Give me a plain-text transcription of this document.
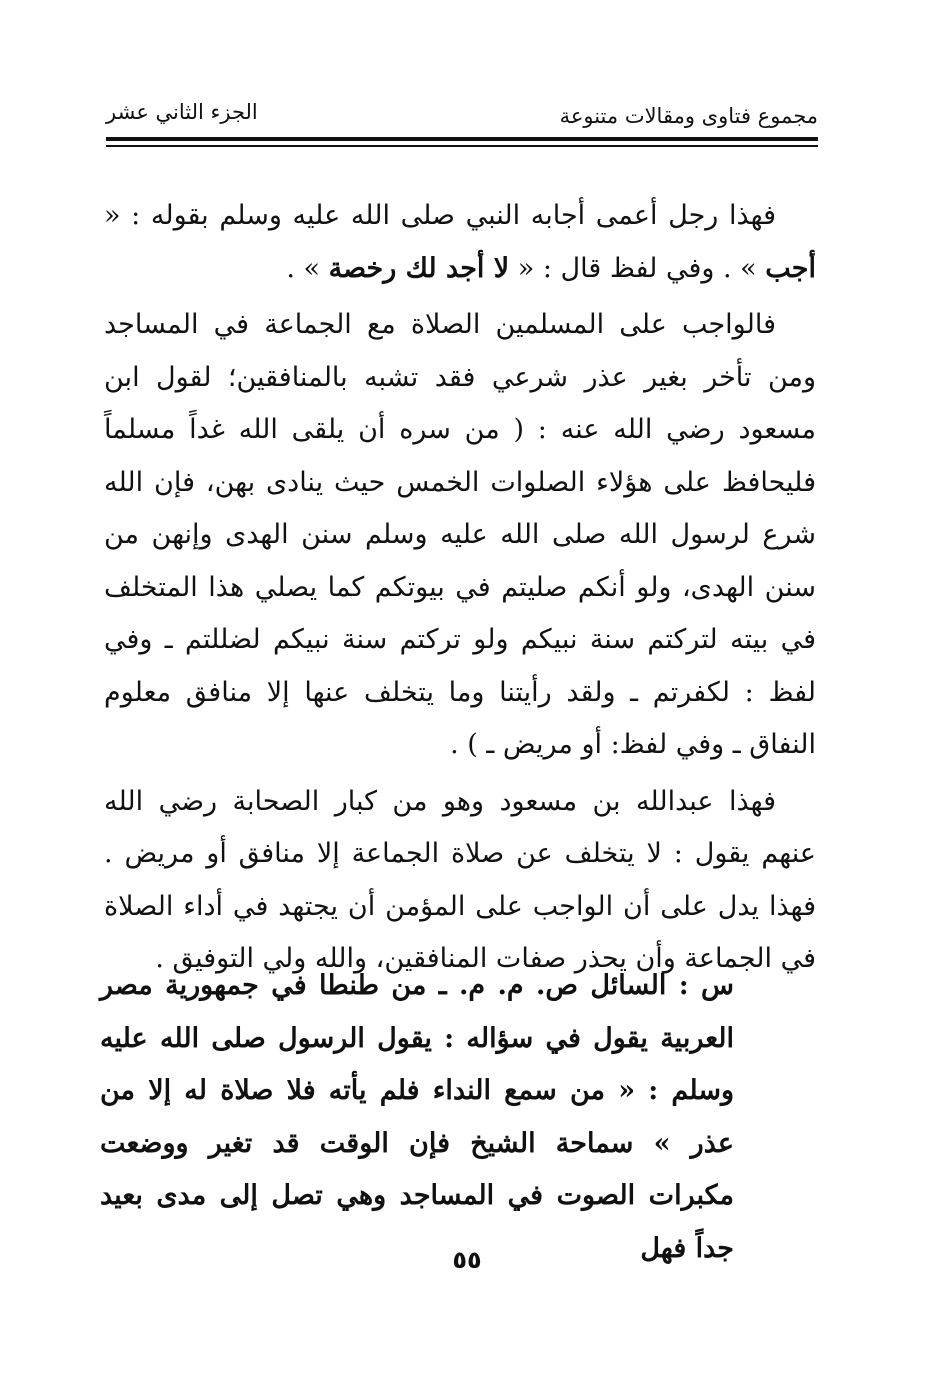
مجموع فتاوى ومقالات متنوعة
الجزء الثاني عشر

فهذا رجل أعمى أجابه النبي صلى الله عليه وسلم بقوله : « أجب » . وفي لفظ قال : « لا أجد لك رخصة » .

فالواجب على المسلمين الصلاة مع الجماعة في المساجد ومن تأخر بغير عذر شرعي فقد تشبه بالمنافقين؛ لقول ابن مسعود رضي الله عنه : ( من سره أن يلقى الله غداً مسلماً فليحافظ على هؤلاء الصلوات الخمس حيث ينادى بهن، فإن الله شرع لرسول الله صلى الله عليه وسلم سنن الهدى وإنهن من سنن الهدى، ولو أنكم صليتم في بيوتكم كما يصلي هذا المتخلف في بيته لتركتم سنة نبيكم ولو تركتم سنة نبيكم لضللتم ـ وفي لفظ : لكفرتم ـ ولقد رأيتنا وما يتخلف عنها إلا منافق معلوم النفاق ـ وفي لفظ: أو مريض ـ ) .

فهذا عبدالله بن مسعود وهو من كبار الصحابة رضي الله عنهم يقول : لا يتخلف عن صلاة الجماعة إلا منافق أو مريض . فهذا يدل على أن الواجب على المؤمن أن يجتهد في أداء الصلاة في الجماعة وأن يحذر صفات المنافقين، والله ولي التوفيق .

س : السائل ص. م. م. ـ من طنطا في جمهورية مصر العربية يقول في سؤاله : يقول الرسول صلى الله عليه وسلم : « من سمع النداء فلم يأته فلا صلاة له إلا من عذر » سماحة الشيخ فإن الوقت قد تغير ووضعت مكبرات الصوت في المساجد وهي تصل إلى مدى بعيد جداً فهل

٥٥
